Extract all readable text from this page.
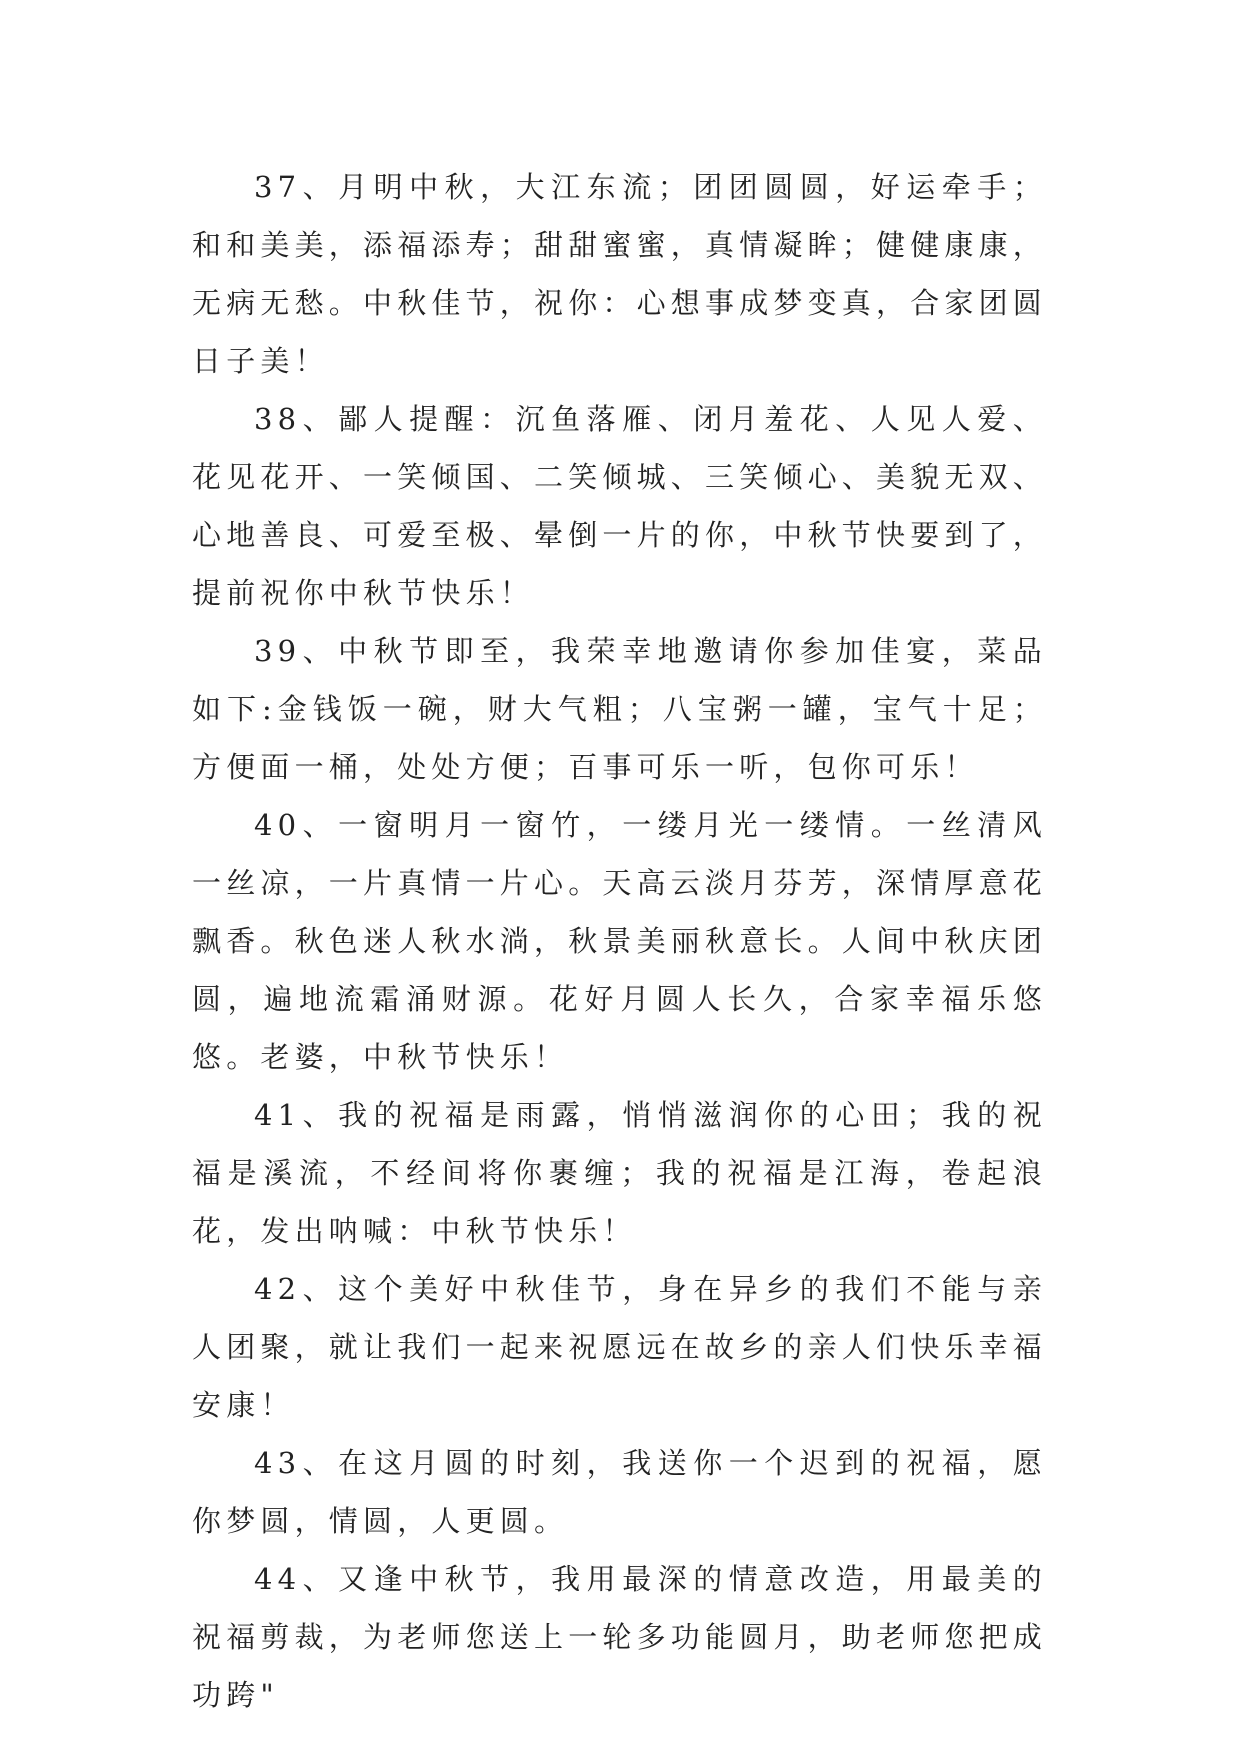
37、月明中秋，大江东流；团团圆圆，好运牵手；和和美美，添福添寿；甜甜蜜蜜，真情凝眸；健健康康，无病无愁。中秋佳节，祝你：心想事成梦变真，合家团圆日子美！

38、鄙人提醒：沉鱼落雁、闭月羞花、人见人爱、花见花开、一笑倾国、二笑倾城、三笑倾心、美貌无双、心地善良、可爱至极、晕倒一片的你，中秋节快要到了，提前祝你中秋节快乐！

39、中秋节即至，我荣幸地邀请你参加佳宴，菜品如下:金钱饭一碗，财大气粗；八宝粥一罐，宝气十足；方便面一桶，处处方便；百事可乐一听，包你可乐！

40、一窗明月一窗竹，一缕月光一缕情。一丝清风一丝凉，一片真情一片心。天高云淡月芬芳，深情厚意花飘香。秋色迷人秋水淌，秋景美丽秋意长。人间中秋庆团圆，遍地流霜涌财源。花好月圆人长久，合家幸福乐悠悠。老婆，中秋节快乐！

41、我的祝福是雨露，悄悄滋润你的心田；我的祝福是溪流，不经间将你裹缠；我的祝福是江海，卷起浪花，发出呐喊：中秋节快乐！

42、这个美好中秋佳节，身在异乡的我们不能与亲人团聚，就让我们一起来祝愿远在故乡的亲人们快乐幸福安康！

43、在这月圆的时刻，我送你一个迟到的祝福，愿你梦圆，情圆，人更圆。

44、又逢中秋节，我用最深的情意改造，用最美的祝福剪裁，为老师您送上一轮多功能圆月，助老师您把成功跨"
